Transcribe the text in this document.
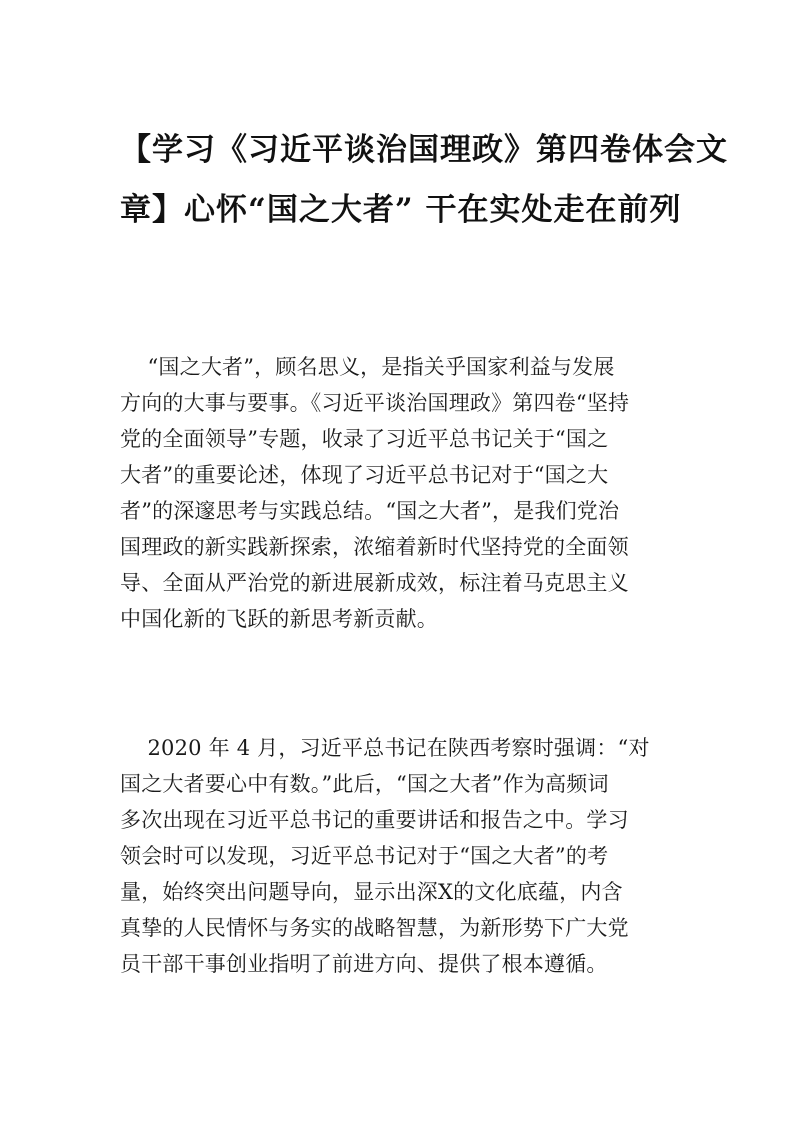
【学习《习近平谈治国理政》第四卷体会文
章】心怀“国之大者” 干在实处走在前列
“国之大者”，顾名思义，是指关乎国家利益与发展
方向的大事与要事。《习近平谈治国理政》第四卷“坚持
党的全面领导”专题，收录了习近平总书记关于“国之
大者”的重要论述，体现了习近平总书记对于“国之大
者”的深邃思考与实践总结。“国之大者”，是我们党治
国理政的新实践新探索，浓缩着新时代坚持党的全面领
导、全面从严治党的新进展新成效，标注着马克思主义
中国化新的飞跃的新思考新贡献。
2020 年 4 月，习近平总书记在陕西考察时强调：“对
国之大者要心中有数。”此后，“国之大者”作为高频词
多次出现在习近平总书记的重要讲话和报告之中。学习
领会时可以发现，习近平总书记对于“国之大者”的考
量，始终突出问题导向，显示出深X的文化底蕴，内含
真挚的人民情怀与务实的战略智慧，为新形势下广大党
员干部干事创业指明了前进方向、提供了根本遵循。
